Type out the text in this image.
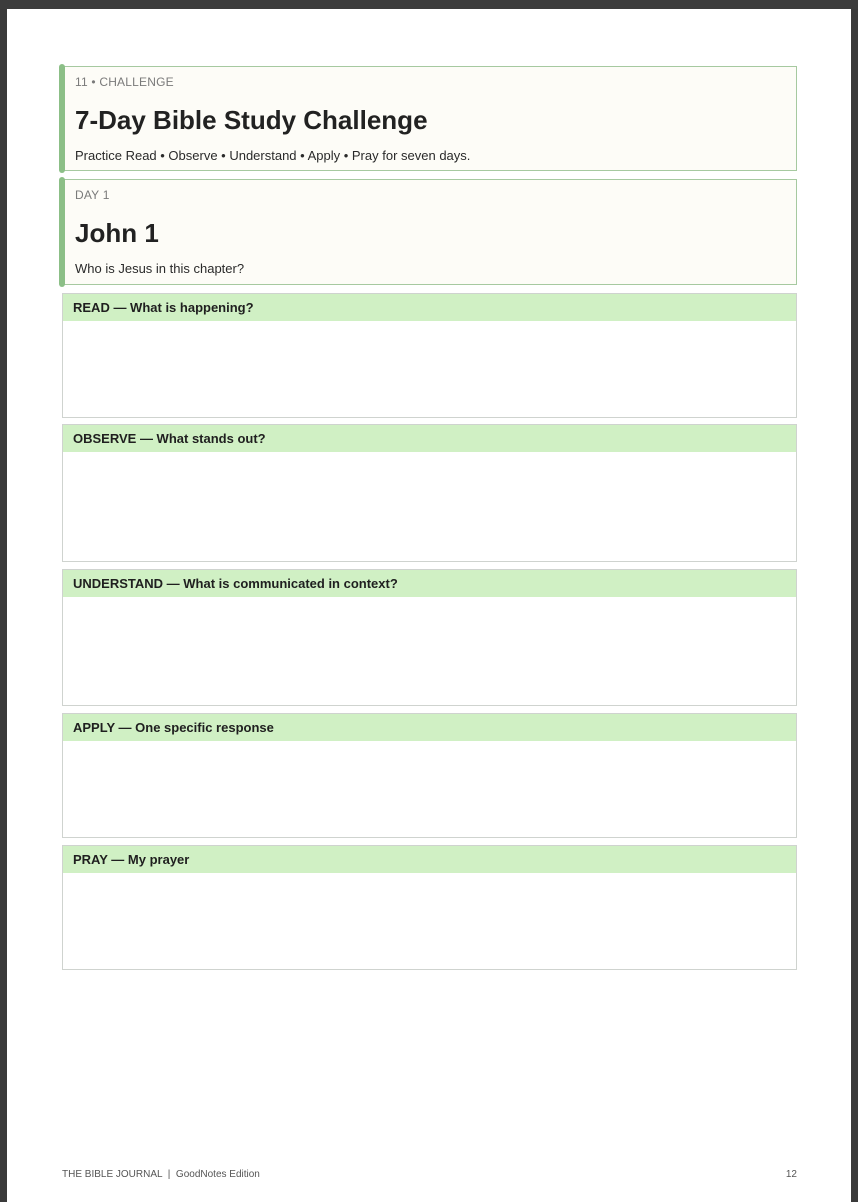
11 • CHALLENGE
7-Day Bible Study Challenge
Practice Read • Observe • Understand • Apply • Pray for seven days.
DAY 1
John 1
Who is Jesus in this chapter?
READ — What is happening?
OBSERVE — What stands out?
UNDERSTAND — What is communicated in context?
APPLY — One specific response
PRAY — My prayer
THE BIBLE JOURNAL  |  GoodNotes Edition	12
